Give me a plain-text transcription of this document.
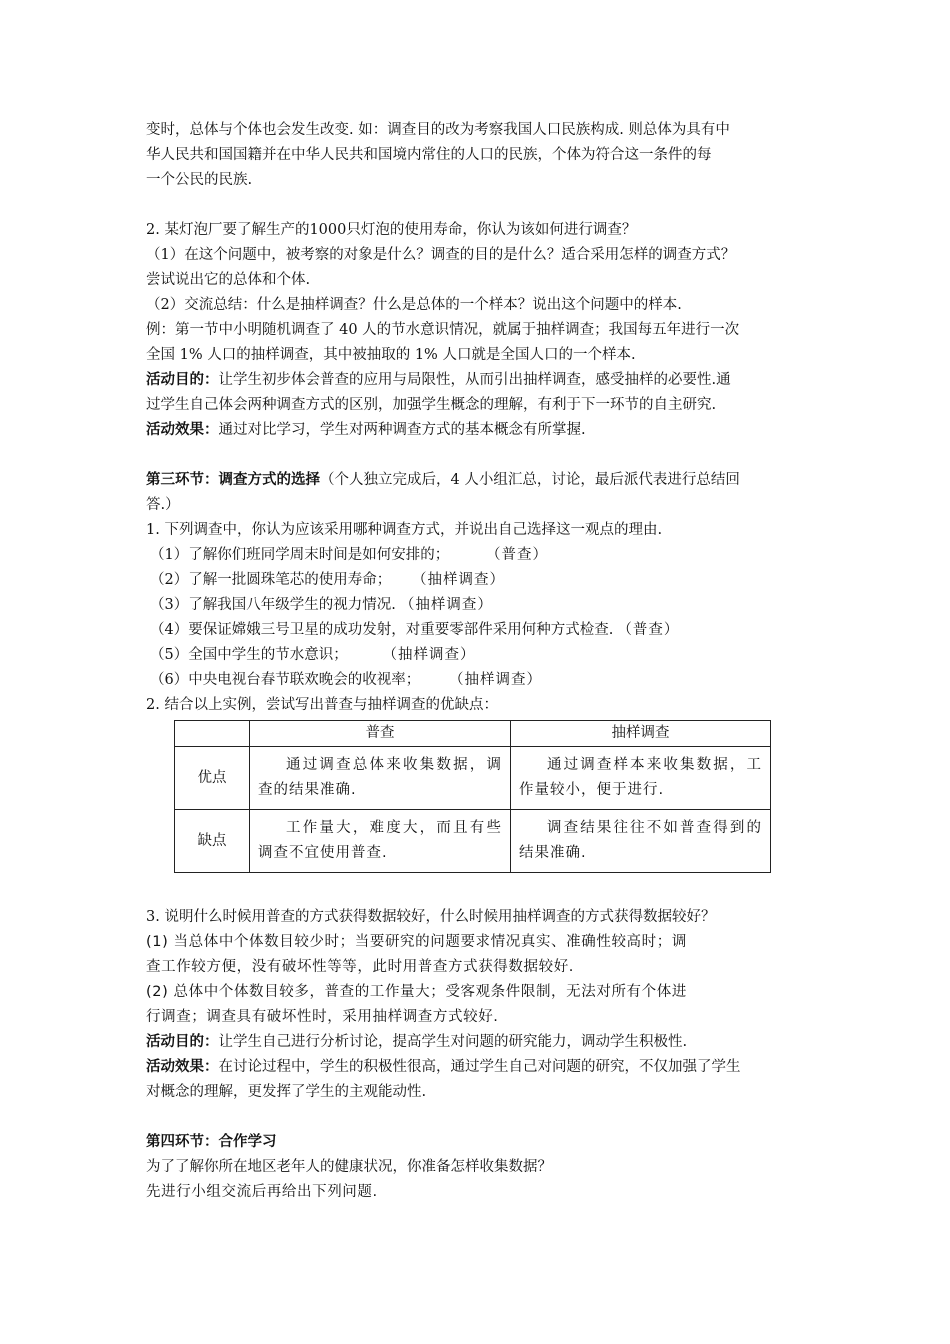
变时，总体与个体也会发生改变. 如：调查目的改为考察我国人口民族构成. 则总体为具有中

华人民共和国国籍并在中华人民共和国境内常住的人口的民族，个体为符合这一条件的每

一个公民的民族.

2. 某灯泡厂要了解生产的1000只灯泡的使用寿命，你认为该如何进行调查？

（1）在这个问题中，被考察的对象是什么？调查的目的是什么？适合采用怎样的调查方式？

尝试说出它的总体和个体.

（2）交流总结：什么是抽样调查？什么是总体的一个样本？说出这个问题中的样本.

例：第一节中小明随机调查了 40 人的节水意识情况，就属于抽样调查；我国每五年进行一次

全国 1% 人口的抽样调查，其中被抽取的 1% 人口就是全国人口的一个样本.

活动目的：让学生初步体会普查的应用与局限性，从而引出抽样调查，感受抽样的必要性.通

过学生自己体会两种调查方式的区别，加强学生概念的理解，有利于下一环节的自主研究.

活动效果：通过对比学习，学生对两种调查方式的基本概念有所掌握.

第三环节：调查方式的选择（个人独立完成后，4 人小组汇总，讨论，最后派代表进行总结回

答.）

1. 下列调查中，你认为应该采用哪种调查方式，并说出自己选择这一观点的理由.

（1）了解你们班同学周末时间是如何安排的；	（普查）

（2）了解一批圆珠笔芯的使用寿命； （抽样调查）

（3）了解我国八年级学生的视力情况. （抽样调查）

（4）要保证嫦娥三号卫星的成功发射，对重要零部件采用何种方式检查. （普查）

（5）全国中学生的节水意识；	（抽样调查）

（6）中央电视台春节联欢晚会的收视率； （抽样调查）

2. 结合以上实例，尝试写出普查与抽样调查的优缺点：

	普查	抽样调查
优点	通过调查总体来收集数据，调查的结果准确.	通过调查样本来收集数据，工作量较小，便于进行.
缺点	工作量大，难度大，而且有些调查不宜使用普查.	调查结果往往不如普查得到的结果准确.

3. 说明什么时候用普查的方式获得数据较好，什么时候用抽样调查的方式获得数据较好？

(1) 当总体中个体数目较少时；当要研究的问题要求情况真实、准确性较高时；调

查工作较方便，没有破坏性等等，此时用普查方式获得数据较好.

(2) 总体中个体数目较多，普查的工作量大；受客观条件限制，无法对所有个体进

行调查；调查具有破坏性时，采用抽样调查方式较好.

活动目的：让学生自己进行分析讨论，提高学生对问题的研究能力，调动学生积极性.

活动效果：在讨论过程中，学生的积极性很高，通过学生自己对问题的研究，不仅加强了学生

对概念的理解，更发挥了学生的主观能动性.

第四环节：合作学习

为了了解你所在地区老年人的健康状况，你准备怎样收集数据？

先进行小组交流后再给出下列问题.
